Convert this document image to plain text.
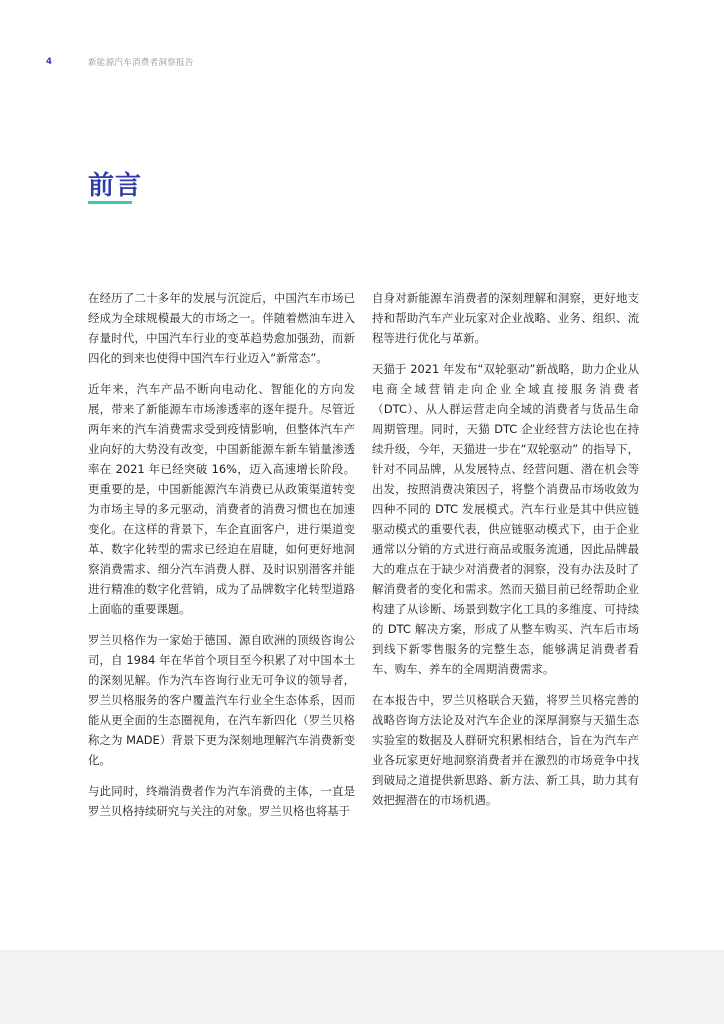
4	新能源汽车消费者洞察报告
前言

在经历了二十多年的发展与沉淀后，中国汽车市场已经成为全球规模最大的市场之一。伴随着燃油车进入存量时代，中国汽车行业的变革趋势愈加强劲，而新四化的到来也使得中国汽车行业迈入“新常态”。

近年来，汽车产品不断向电动化、智能化的方向发展，带来了新能源车市场渗透率的逐年提升。尽管近两年来的汽车消费需求受到疫情影响，但整体汽车产业向好的大势没有改变，中国新能源车新车销量渗透率在 2021 年已经突破 16%，迈入高速增长阶段。更重要的是，中国新能源汽车消费已从政策渠道转变为市场主导的多元驱动，消费者的消费习惯也在加速变化。在这样的背景下，车企直面客户，进行渠道变革、数字化转型的需求已经迫在眉睫，如何更好地洞察消费需求、细分汽车消费人群、及时识别潜客并能进行精准的数字化营销，成为了品牌数字化转型道路上面临的重要课题。

罗兰贝格作为一家始于德国、源自欧洲的顶级咨询公司，自 1984 年在华首个项目至今积累了对中国本土的深刻见解。作为汽车咨询行业无可争议的领导者，罗兰贝格服务的客户覆盖汽车行业全生态体系，因而能从更全面的生态圈视角，在汽车新四化（罗兰贝格称之为 MADE）背景下更为深刻地理解汽车消费新变化。

与此同时，终端消费者作为汽车消费的主体，一直是罗兰贝格持续研究与关注的对象。罗兰贝格也将基于

自身对新能源车消费者的深刻理解和洞察，更好地支持和帮助汽车产业玩家对企业战略、业务、组织、流程等进行优化与革新。

天猫于 2021 年发布“双轮驱动”新战略，助力企业从电商全域营销走向企业全域直接服务消费者（DTC）、从人群运营走向全域的消费者与货品生命周期管理。同时，天猫 DTC 企业经营方法论也在持续升级，今年，天猫进一步在“双轮驱动” 的指导下，针对不同品牌，从发展特点、经营问题、潜在机会等出发，按照消费决策因子，将整个消费品市场收敛为四种不同的 DTC 发展模式。汽车行业是其中供应链驱动模式的重要代表，供应链驱动模式下，由于企业通常以分销的方式进行商品或服务流通，因此品牌最大的难点在于缺少对消费者的洞察，没有办法及时了解消费者的变化和需求。然而天猫目前已经帮助企业构建了从诊断、场景到数字化工具的多维度、可持续的 DTC 解决方案，形成了从整车购买、汽车后市场到线下新零售服务的完整生态，能够满足消费者看车、购车、养车的全周期消费需求。

在本报告中，罗兰贝格联合天猫，将罗兰贝格完善的战略咨询方法论及对汽车企业的深厚洞察与天猫生态实验室的数据及人群研究积累相结合，旨在为汽车产业各玩家更好地洞察消费者并在激烈的市场竞争中找到破局之道提供新思路、新方法、新工具，助力其有效把握潜在的市场机遇。
